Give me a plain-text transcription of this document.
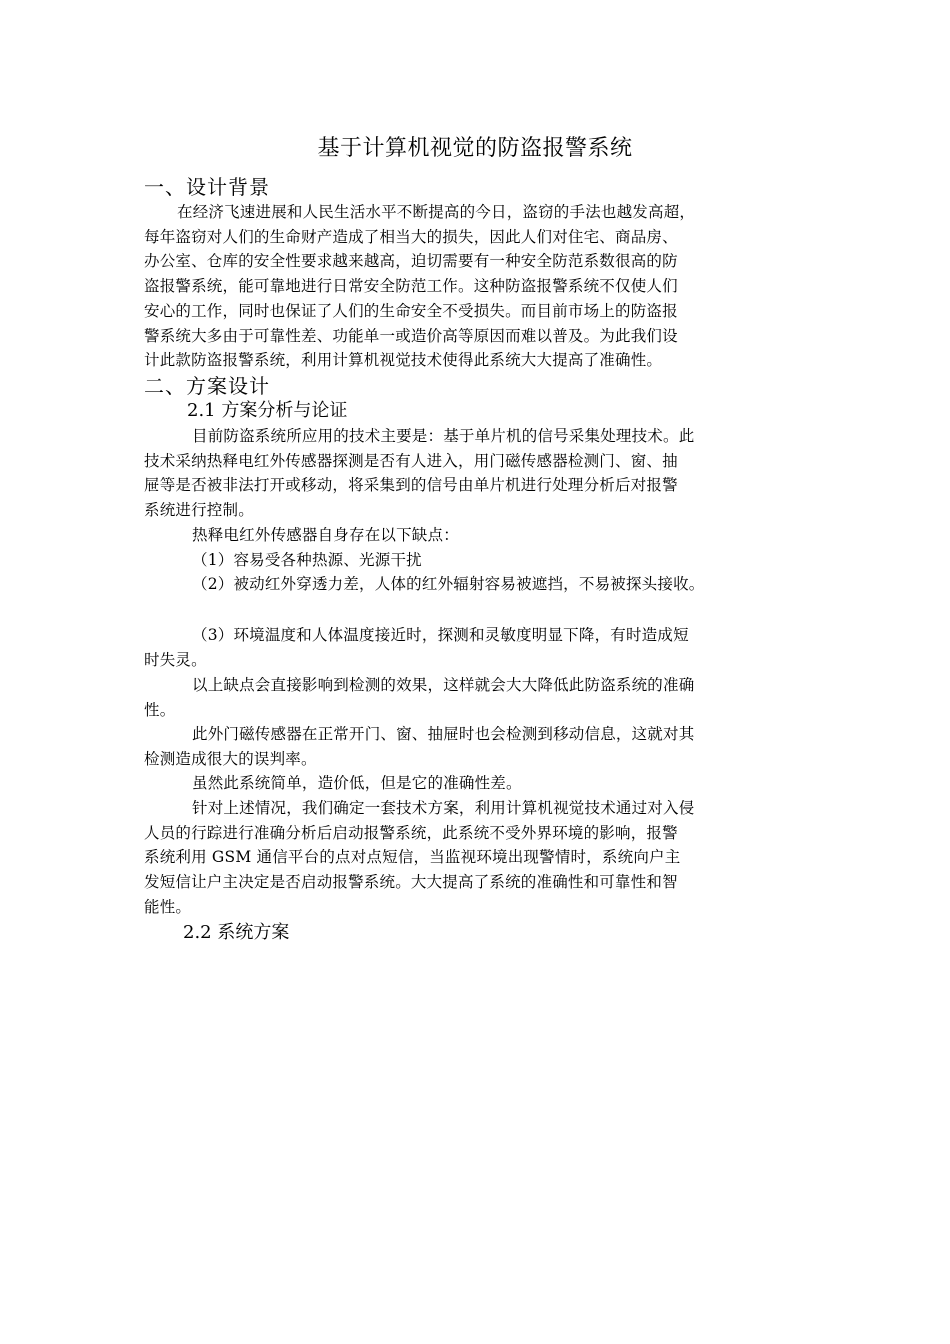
基于计算机视觉的防盗报警系统
一、设计背景
在经济飞速进展和人民生活水平不断提高的今日，盗窃的手法也越发高超，
每年盗窃对人们的生命财产造成了相当大的损失，因此人们对住宅、商品房、
办公室、仓库的安全性要求越来越高，迫切需要有一种安全防范系数很高的防
盗报警系统，能可靠地进行日常安全防范工作。这种防盗报警系统不仅使人们
安心的工作，同时也保证了人们的生命安全不受损失。而目前市场上的防盗报
警系统大多由于可靠性差、功能单一或造价高等原因而难以普及。为此我们设
计此款防盗报警系统，利用计算机视觉技术使得此系统大大提高了准确性。
二、方案设计
2.1 方案分析与论证
目前防盗系统所应用的技术主要是：基于单片机的信号采集处理技术。此
技术采纳热释电红外传感器探测是否有人进入，用门磁传感器检测门、窗、抽
屉等是否被非法打开或移动，将采集到的信号由单片机进行处理分析后对报警
系统进行控制。
热释电红外传感器自身存在以下缺点：
（1）容易受各种热源、光源干扰
（2）被动红外穿透力差，人体的红外辐射容易被遮挡，不易被探头接收。
（3）环境温度和人体温度接近时，探测和灵敏度明显下降，有时造成短
时失灵。
以上缺点会直接影响到检测的效果，这样就会大大降低此防盗系统的准确
性。
此外门磁传感器在正常开门、窗、抽屉时也会检测到移动信息，这就对其
检测造成很大的误判率。
虽然此系统简单，造价低，但是它的准确性差。
针对上述情况，我们确定一套技术方案，利用计算机视觉技术通过对入侵
人员的行踪进行准确分析后启动报警系统，此系统不受外界环境的影响，报警
系统利用 GSM 通信平台的点对点短信，当监视环境出现警情时，系统向户主
发短信让户主决定是否启动报警系统。大大提高了系统的准确性和可靠性和智
能性。
2.2 系统方案
